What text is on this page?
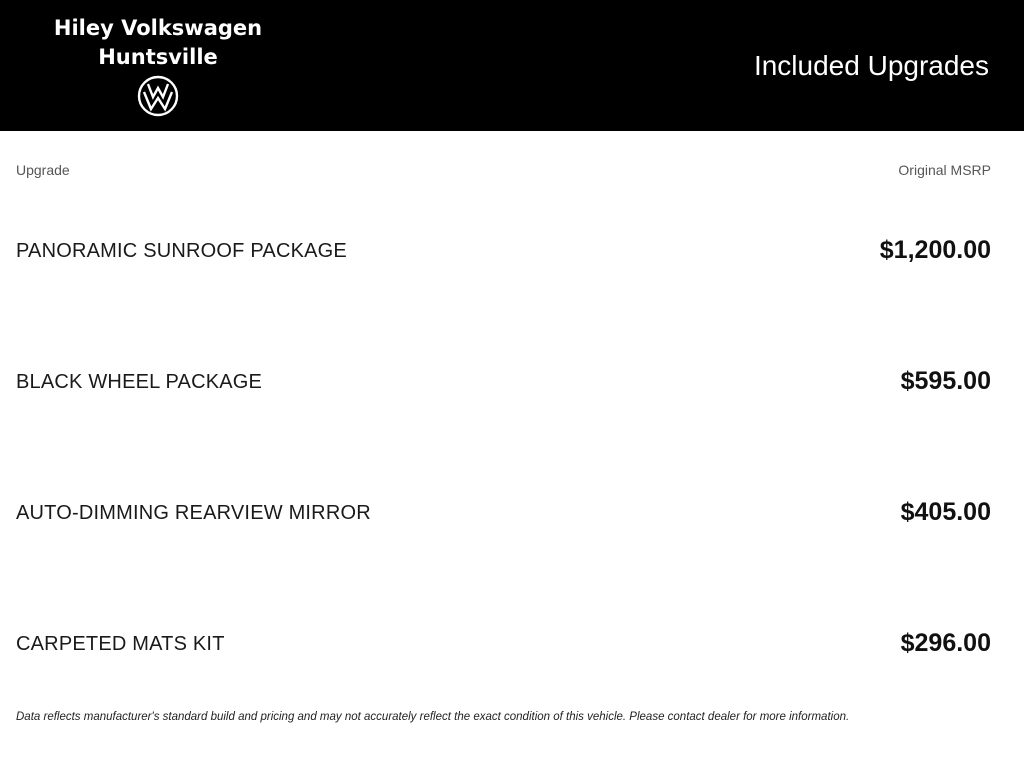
Hiley Volkswagen
Huntsville	Included Upgrades
Upgrade	Original MSRP
PANORAMIC SUNROOF PACKAGE	$1,200.00
BLACK WHEEL PACKAGE	$595.00
AUTO-DIMMING REARVIEW MIRROR	$405.00
CARPETED MATS KIT	$296.00
Data reflects manufacturer's standard build and pricing and may not accurately reflect the exact condition of this vehicle. Please contact dealer for more information.
